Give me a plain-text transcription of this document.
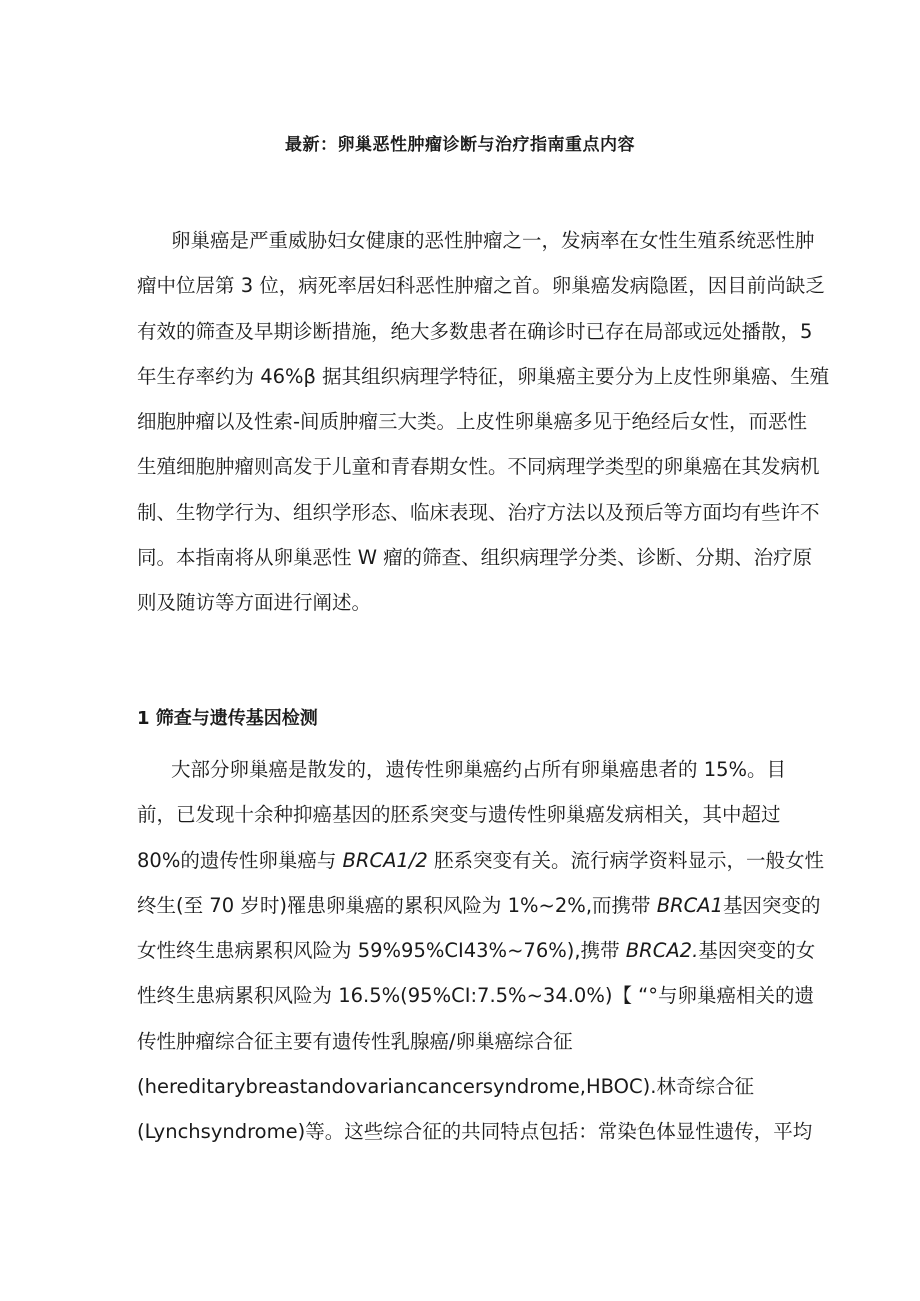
最新：卵巢恶性肿瘤诊断与治疗指南重点内容

卵巢癌是严重威胁妇女健康的恶性肿瘤之一，发病率在女性生殖系统恶性肿
瘤中位居第 3 位，病死率居妇科恶性肿瘤之首。卵巢癌发病隐匿，因目前尚缺乏
有效的筛查及早期诊断措施，绝大多数患者在确诊时已存在局部或远处播散，5
年生存率约为 46%β 据其组织病理学特征，卵巢癌主要分为上皮性卵巢癌、生殖
细胞肿瘤以及性索-间质肿瘤三大类。上皮性卵巢癌多见于绝经后女性，而恶性
生殖细胞肿瘤则高发于儿童和青春期女性。不同病理学类型的卵巢癌在其发病机
制、生物学行为、组织学形态、临床表现、治疗方法以及预后等方面均有些许不
同。本指南将从卵巢恶性 W 瘤的筛查、组织病理学分类、诊断、分期、治疗原
则及随访等方面进行阐述。

1 筛查与遗传基因检测

大部分卵巢癌是散发的，遗传性卵巢癌约占所有卵巢癌患者的 15%。目
前，已发现十余种抑癌基因的胚系突变与遗传性卵巢癌发病相关，其中超过
80%的遗传性卵巢癌与 BRCA1/2 胚系突变有关。流行病学资料显示，一般女性
终生(至 70 岁时)罹患卵巢癌的累积风险为 1%~2%,而携带 BRCA1基因突变的
女性终生患病累积风险为 59%95%CI43%~76%),携带 BRCA2.基因突变的女
性终生患病累积风险为 16.5%(95%CI:7.5%~34.0%)【 “°与卵巢癌相关的遗
传性肿瘤综合征主要有遗传性乳腺癌/卵巢癌综合征
(hereditarybreastandovariancancersyndrome,HBOC).林奇综合征
(Lynchsyndrome)等。这些综合征的共同特点包括：常染色体显性遗传，平均
